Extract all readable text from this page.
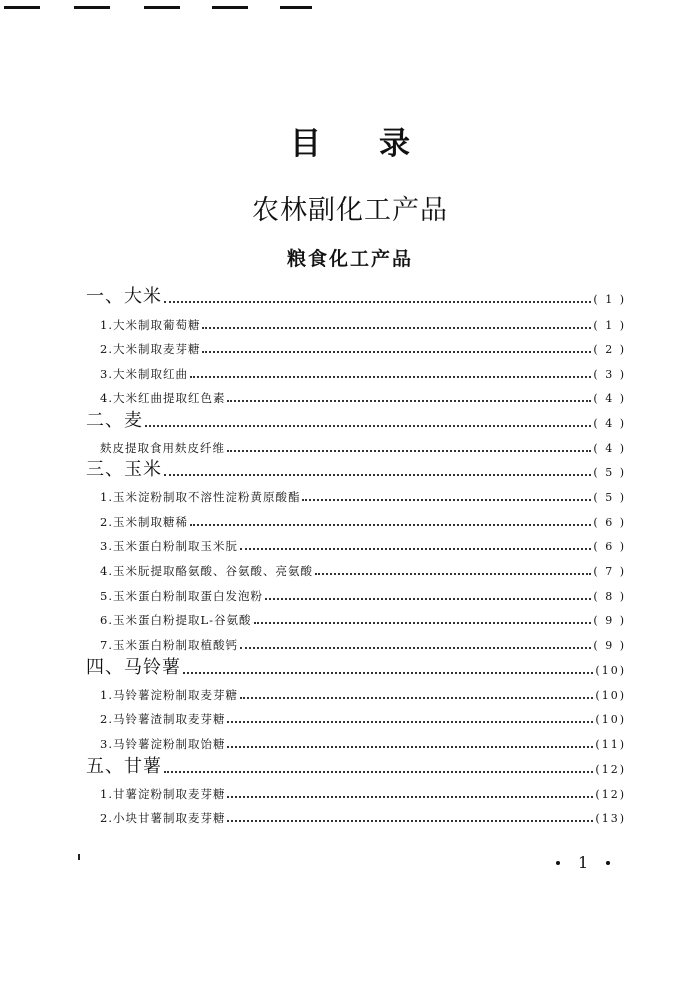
目录
农林副化工产品
粮食化工产品
一、大米	( 1 )
1.大米制取葡萄糖	( 1 )
2.大米制取麦芽糖	( 2 )
3.大米制取红曲	( 3 )
4.大米红曲提取红色素	( 4 )
二、麦	( 4 )
麸皮提取食用麸皮纤维	( 4 )
三、玉米	( 5 )
1.玉米淀粉制取不溶性淀粉黄原酸酯	( 5 )
2.玉米制取糖稀	( 6 )
3.玉米蛋白粉制取玉米朊	( 6 )
4.玉米朊提取酪氨酸、谷氨酸、亮氨酸	( 7 )
5.玉米蛋白粉制取蛋白发泡粉	( 8 )
6.玉米蛋白粉提取L-谷氨酸	( 9 )
7.玉米蛋白粉制取植酸钙	( 9 )
四、马铃薯	(10)
1.马铃薯淀粉制取麦芽糖	(10)
2.马铃薯渣制取麦芽糖	(10)
3.马铃薯淀粉制取饴糖	(11)
五、甘薯	(12)
1.甘薯淀粉制取麦芽糖	(12)
2.小块甘薯制取麦芽糖	(13)
1
